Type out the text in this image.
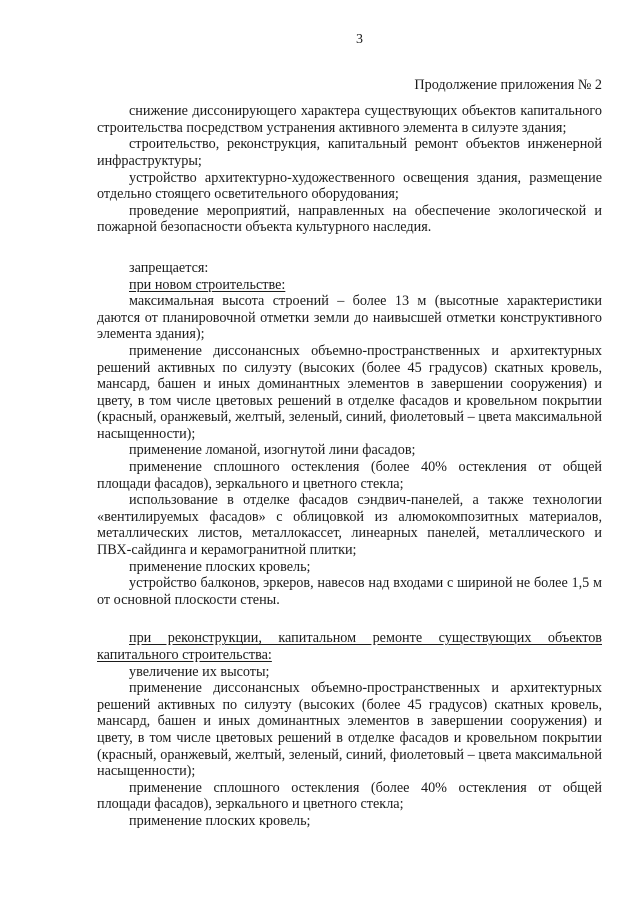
3
Продолжение приложения № 2

снижение диссонирующего характера существующих объектов капитального строительства посредством устранения активного элемента в силуэте здания;

строительство, реконструкция, капитальный ремонт объектов инженерной инфраструктуры;

устройство архитектурно-художественного освещения здания, размещение отдельно стоящего осветительного оборудования;

проведение мероприятий, направленных на обеспечение экологической и пожарной безопасности объекта культурного наследия.

запрещается:

при новом строительстве:

максимальная высота строений – более 13 м (высотные характеристики даются от планировочной отметки земли до наивысшей отметки конструктивного элемента здания);

применение диссонансных объемно-пространственных и архитектурных решений активных по силуэту (высоких (более 45 градусов) скатных кровель, мансард, башен и иных доминантных элементов в завершении сооружения) и цвету, в том числе цветовых решений в отделке фасадов и кровельном покрытии (красный, оранжевый, желтый, зеленый, синий, фиолетовый – цвета максимальной насыщенности);

применение ломаной, изогнутой лини фасадов;

применение сплошного остекления (более 40% остекления от общей площади фасадов), зеркального и цветного стекла;

использование в отделке фасадов сэндвич-панелей, а также технологии «вентилируемых фасадов» с облицовкой из алюмокомпозитных материалов, металлических листов, металлокассет, линеарных панелей, металлического и ПВХ-сайдинга и керамогранитной плитки;

применение плоских кровель;

устройство балконов, эркеров, навесов над входами с шириной не более 1,5 м от основной плоскости стены.

при реконструкции, капитальном ремонте существующих объектов капитального строительства:

увеличение их высоты;

применение диссонансных объемно-пространственных и архитектурных решений активных по силуэту (высоких (более 45 градусов) скатных кровель, мансард, башен и иных доминантных элементов в завершении сооружения) и цвету, в том числе цветовых решений в отделке фасадов и кровельном покрытии (красный, оранжевый, желтый, зеленый, синий, фиолетовый – цвета максимальной насыщенности);

применение сплошного остекления (более 40% остекления от общей площади фасадов), зеркального и цветного стекла;

применение плоских кровель;
